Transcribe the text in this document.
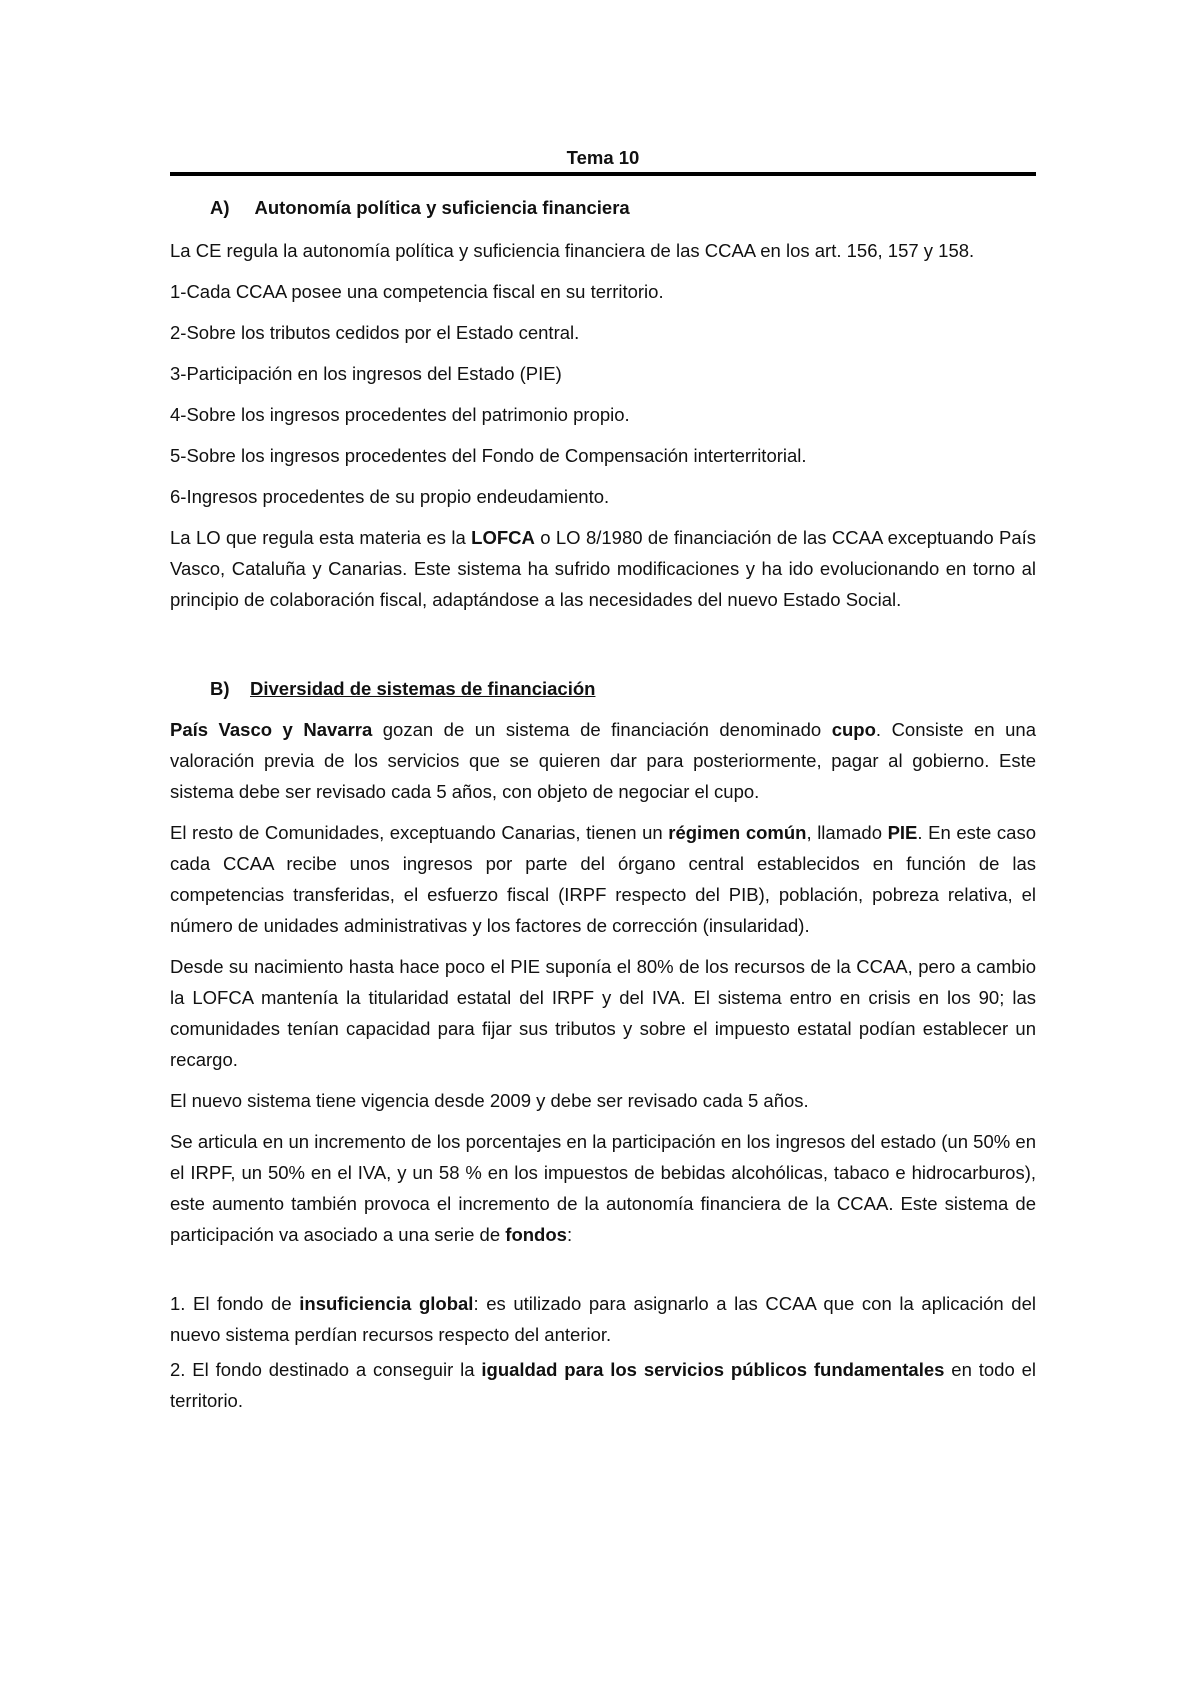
Tema 10

A) Autonomía política y suficiencia financiera

La CE regula la autonomía política y suficiencia financiera de las CCAA en los art. 156, 157 y 158.

1-Cada CCAA posee una competencia fiscal en su territorio.

2-Sobre los tributos cedidos por el Estado central.

3-Participación en los ingresos del Estado (PIE)

4-Sobre los ingresos procedentes del patrimonio propio.

5-Sobre los ingresos procedentes del Fondo de Compensación interterritorial.

6-Ingresos procedentes de su propio endeudamiento.

La LO que regula esta materia es la LOFCA o LO 8/1980 de financiación de las CCAA exceptuando País Vasco, Cataluña y Canarias. Este sistema ha sufrido modificaciones y ha ido evolucionando en torno al principio de colaboración fiscal, adaptándose a las necesidades del nuevo Estado Social.

B) Diversidad de sistemas de financiación

País Vasco y Navarra gozan de un sistema de financiación denominado cupo. Consiste en una valoración previa de los servicios que se quieren dar para posteriormente, pagar al gobierno. Este sistema debe ser revisado cada 5 años, con objeto de negociar el cupo.

El resto de Comunidades, exceptuando Canarias, tienen un régimen común, llamado PIE. En este caso cada CCAA recibe unos ingresos por parte del órgano central establecidos en función de las competencias transferidas, el esfuerzo fiscal (IRPF respecto del PIB), población, pobreza relativa, el número de unidades administrativas y los factores de corrección (insularidad).

Desde su nacimiento hasta hace poco el PIE suponía el 80% de los recursos de la CCAA, pero a cambio la LOFCA mantenía la titularidad estatal del IRPF y del IVA. El sistema entro en crisis en los 90; las comunidades tenían capacidad para fijar sus tributos y sobre el impuesto estatal podían establecer un recargo.

El nuevo sistema tiene vigencia desde 2009 y debe ser revisado cada 5 años.

Se articula en un incremento de los porcentajes en la participación en los ingresos del estado (un 50% en el IRPF, un 50% en el IVA, y un 58 % en los impuestos de bebidas alcohólicas, tabaco e hidrocarburos), este aumento también provoca el incremento de la autonomía financiera de la CCAA. Este sistema de participación va asociado a una serie de fondos:

1. El fondo de insuficiencia global: es utilizado para asignarlo a las CCAA que con la aplicación del nuevo sistema perdían recursos respecto del anterior.

2. El fondo destinado a conseguir la igualdad para los servicios públicos fundamentales en todo el territorio.
